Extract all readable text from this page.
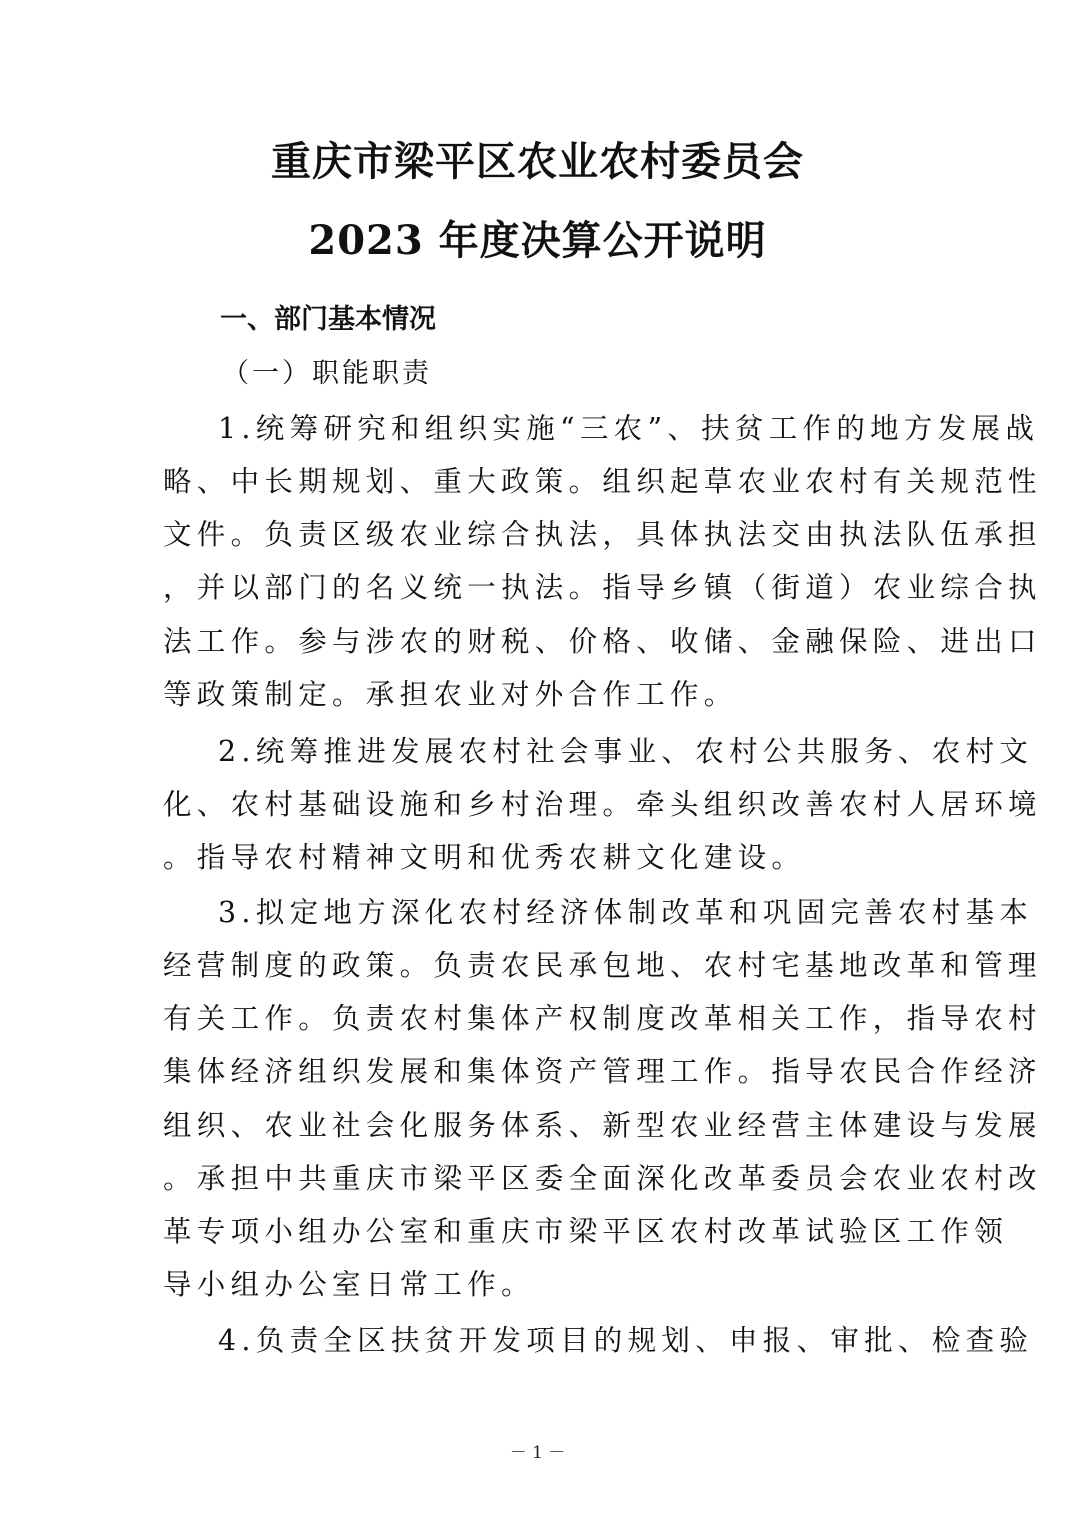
重庆市梁平区农业农村委员会
2023 年度决算公开说明
一、部门基本情况
（一）职能职责
1.统筹研究和组织实施“三农”、扶贫工作的地方发展战
略、中长期规划、重大政策。组织起草农业农村有关规范性
文件。负责区级农业综合执法，具体执法交由执法队伍承担
，并以部门的名义统一执法。指导乡镇（街道）农业综合执
法工作。参与涉农的财税、价格、收储、金融保险、进出口
等政策制定。承担农业对外合作工作。
2.统筹推进发展农村社会事业、农村公共服务、农村文
化、农村基础设施和乡村治理。牵头组织改善农村人居环境
。指导农村精神文明和优秀农耕文化建设。
3.拟定地方深化农村经济体制改革和巩固完善农村基本
经营制度的政策。负责农民承包地、农村宅基地改革和管理
有关工作。负责农村集体产权制度改革相关工作，指导农村
集体经济组织发展和集体资产管理工作。指导农民合作经济
组织、农业社会化服务体系、新型农业经营主体建设与发展
。承担中共重庆市梁平区委全面深化改革委员会农业农村改
革专项小组办公室和重庆市梁平区农村改革试验区工作领
导小组办公室日常工作。
4.负责全区扶贫开发项目的规划、申报、审批、检查验
－ 1 －
